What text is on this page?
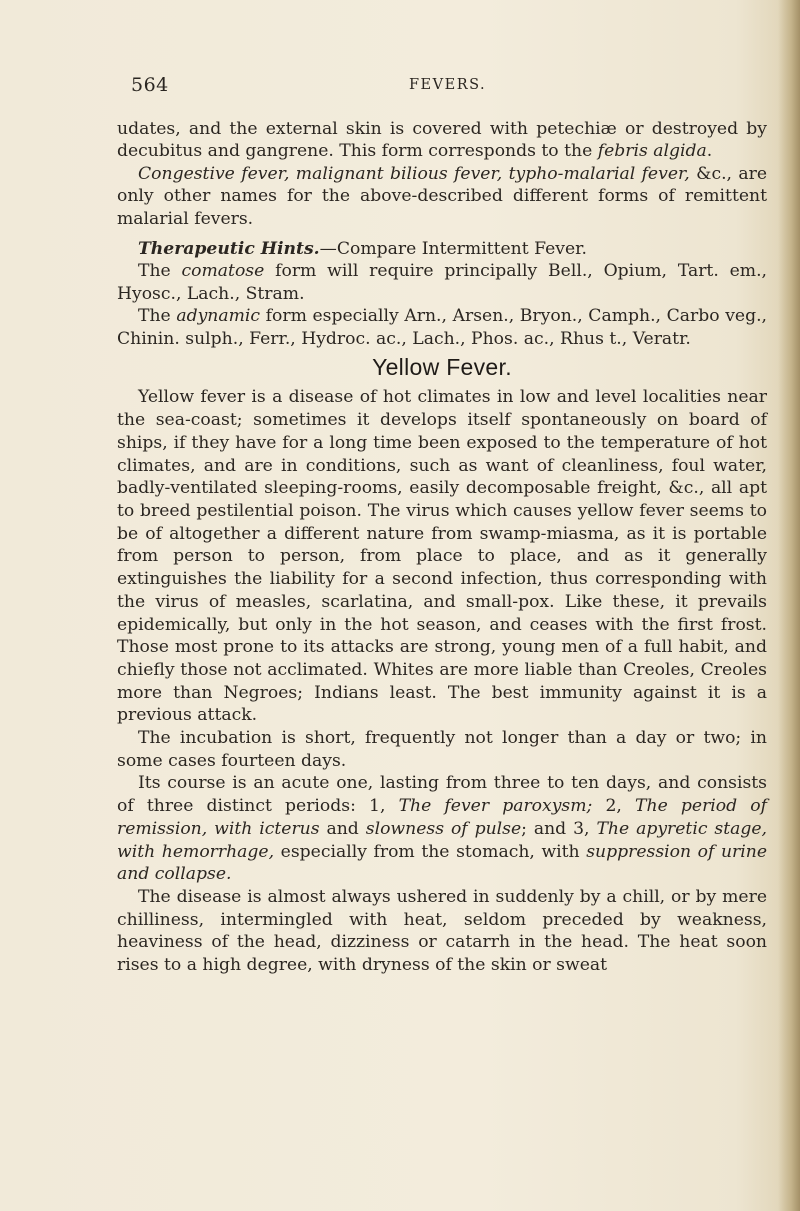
564	FEVERS.

udates, and the external skin is covered with petechiæ or destroyed by decubitus and gangrene. This form corresponds to the febris algida.

Congestive fever, malignant bilious fever, typho-malarial fever, &c., are only other names for the above-described different forms of remittent malarial fevers.

Therapeutic Hints.—Compare Intermittent Fever.

The comatose form will require principally Bell., Opium, Tart. em., Hyosc., Lach., Stram.

The adynamic form especially Arn., Arsen., Bryon., Camph., Carbo veg., Chinin. sulph., Ferr., Hydroc. ac., Lach., Phos. ac., Rhus t., Veratr.

Yellow Fever.

Yellow fever is a disease of hot climates in low and level localities near the sea-coast; sometimes it develops itself spontaneously on board of ships, if they have for a long time been exposed to the temperature of hot climates, and are in conditions, such as want of cleanliness, foul water, badly-ventilated sleeping-rooms, easily decomposable freight, &c., all apt to breed pestilential poison. The virus which causes yellow fever seems to be of altogether a different nature from swamp-miasma, as it is portable from person to person, from place to place, and as it generally extinguishes the liability for a second infection, thus corresponding with the virus of measles, scarlatina, and small-pox. Like these, it prevails epidemically, but only in the hot season, and ceases with the first frost. Those most prone to its attacks are strong, young men of a full habit, and chiefly those not acclimated. Whites are more liable than Creoles, Creoles more than Negroes; Indians least. The best immunity against it is a previous attack.

The incubation is short, frequently not longer than a day or two; in some cases fourteen days.

Its course is an acute one, lasting from three to ten days, and consists of three distinct periods: 1, The fever paroxysm; 2, The period of remission, with icterus and slowness of pulse; and 3, The apyretic stage, with hemorrhage, especially from the stomach, with suppression of urine and collapse.

The disease is almost always ushered in suddenly by a chill, or by mere chilliness, intermingled with heat, seldom preceded by weakness, heaviness of the head, dizziness or catarrh in the head. The heat soon rises to a high degree, with dryness of the skin or sweat
